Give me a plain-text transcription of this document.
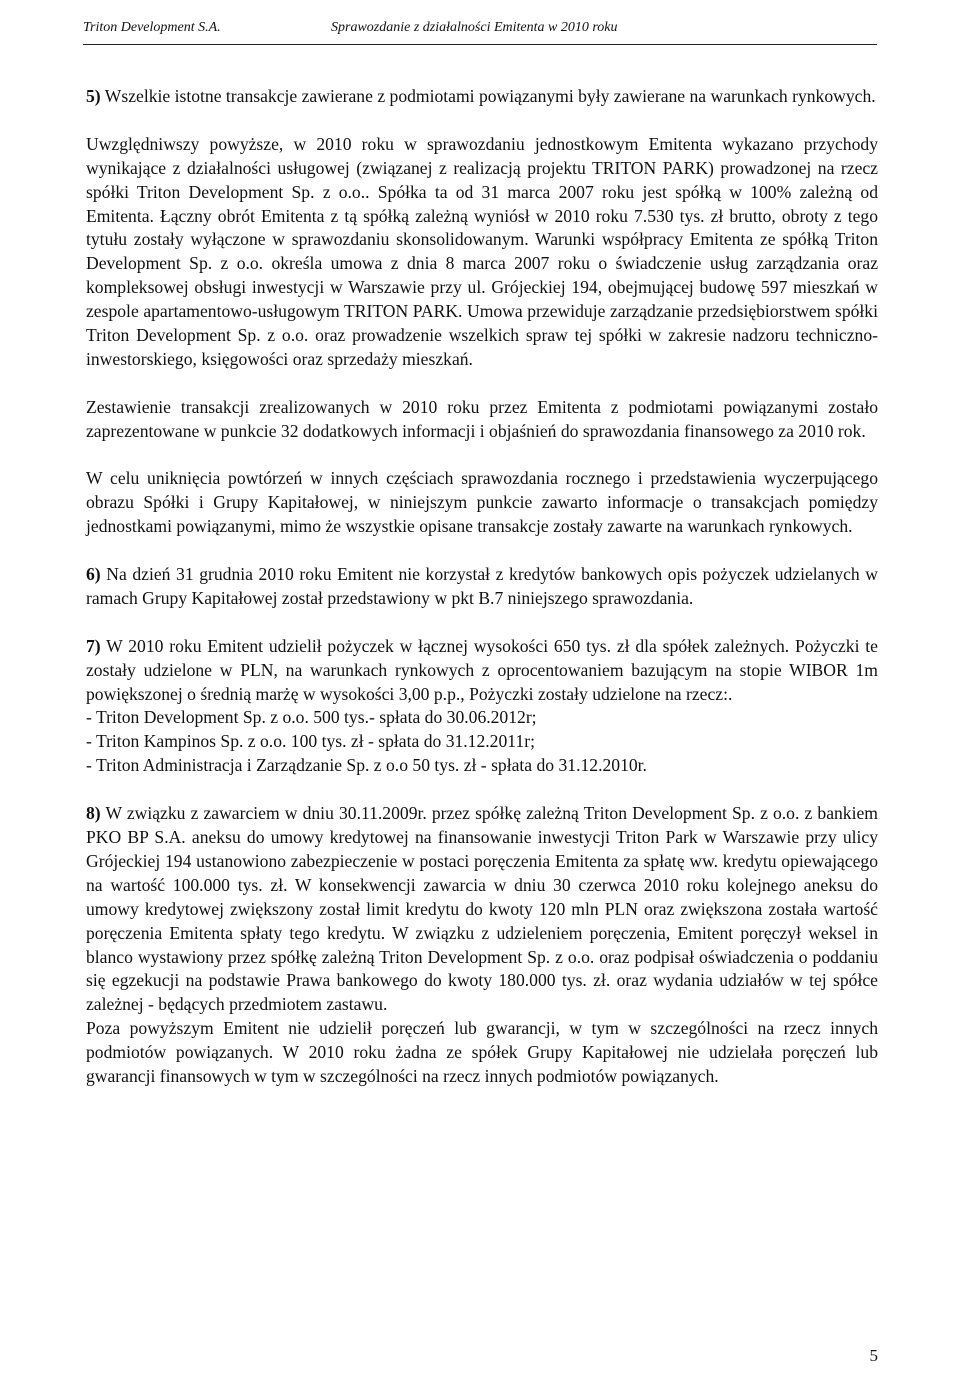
Triton Development S.A.	Sprawozdanie z działalności Emitenta w 2010 roku

5) Wszelkie istotne transakcje zawierane z podmiotami powiązanymi były zawierane na warunkach rynkowych.

Uwzględniwszy powyższe, w 2010 roku w sprawozdaniu jednostkowym Emitenta wykazano przychody wynikające z działalności usługowej (związanej z realizacją projektu TRITON PARK) prowadzonej na rzecz spółki Triton Development Sp. z o.o.. Spółka ta od 31 marca 2007 roku jest spółką w 100% zależną od Emitenta. Łączny obrót Emitenta z tą spółką zależną wyniósł w 2010 roku 7.530 tys. zł brutto, obroty z tego tytułu zostały wyłączone w sprawozdaniu skonsolidowanym. Warunki współpracy Emitenta ze spółką Triton Development Sp. z o.o. określa umowa z dnia 8 marca 2007 roku o świadczenie usług zarządzania oraz kompleksowej obsługi inwestycji w Warszawie przy ul. Grójeckiej 194, obejmującej budowę 597 mieszkań w zespole apartamentowo-usługowym TRITON PARK. Umowa przewiduje zarządzanie przedsiębiorstwem spółki Triton Development Sp. z o.o. oraz prowadzenie wszelkich spraw tej spółki w zakresie nadzoru techniczno-inwestorskiego, księgowości oraz sprzedaży mieszkań.

Zestawienie transakcji zrealizowanych w 2010 roku przez Emitenta z podmiotami powiązanymi zostało zaprezentowane w punkcie 32 dodatkowych informacji i objaśnień do sprawozdania finansowego za 2010 rok.

W celu uniknięcia powtórzeń w innych częściach sprawozdania rocznego i przedstawienia wyczerpującego obrazu Spółki i Grupy Kapitałowej, w niniejszym punkcie zawarto informacje o transakcjach pomiędzy jednostkami powiązanymi, mimo że wszystkie opisane transakcje zostały zawarte na warunkach rynkowych.

6) Na dzień 31 grudnia 2010 roku Emitent nie korzystał z kredytów bankowych opis pożyczek udzielanych w ramach Grupy Kapitałowej został przedstawiony w pkt B.7 niniejszego sprawozdania.

7) W 2010 roku Emitent udzielił pożyczek w łącznej wysokości 650 tys. zł dla spółek zależnych. Pożyczki te zostały udzielone w PLN, na warunkach rynkowych z oprocentowaniem bazującym na stopie WIBOR 1m powiększonej o średnią marżę w wysokości 3,00 p.p., Pożyczki zostały udzielone na rzecz:.

- Triton Development Sp. z o.o. 500 tys.- spłata do 30.06.2012r;

- Triton Kampinos Sp. z o.o. 100 tys. zł - spłata do 31.12.2011r;

- Triton Administracja i Zarządzanie Sp. z o.o 50 tys. zł - spłata do 31.12.2010r.

8) W związku z zawarciem w dniu 30.11.2009r. przez spółkę zależną Triton Development Sp. z o.o. z bankiem PKO BP S.A. aneksu do umowy kredytowej na finansowanie inwestycji Triton Park w Warszawie przy ulicy Grójeckiej 194 ustanowiono zabezpieczenie w postaci poręczenia Emitenta za spłatę ww. kredytu opiewającego na wartość 100.000 tys. zł. W konsekwencji zawarcia w dniu 30 czerwca 2010 roku kolejnego aneksu do umowy kredytowej zwiększony został limit kredytu do kwoty 120 mln PLN oraz zwiększona została wartość poręczenia Emitenta spłaty tego kredytu. W związku z udzieleniem poręczenia, Emitent poręczył weksel in blanco wystawiony przez spółkę zależną Triton Development Sp. z o.o. oraz podpisał oświadczenia o poddaniu się egzekucji na podstawie Prawa bankowego do kwoty 180.000 tys. zł. oraz wydania udziałów w tej spółce zależnej - będących przedmiotem zastawu.

Poza powyższym Emitent nie udzielił poręczeń lub gwarancji, w tym w szczególności na rzecz innych podmiotów powiązanych. W 2010 roku żadna ze spółek Grupy Kapitałowej nie udzielała poręczeń lub gwarancji finansowych w tym w szczególności na rzecz innych podmiotów powiązanych.

5
